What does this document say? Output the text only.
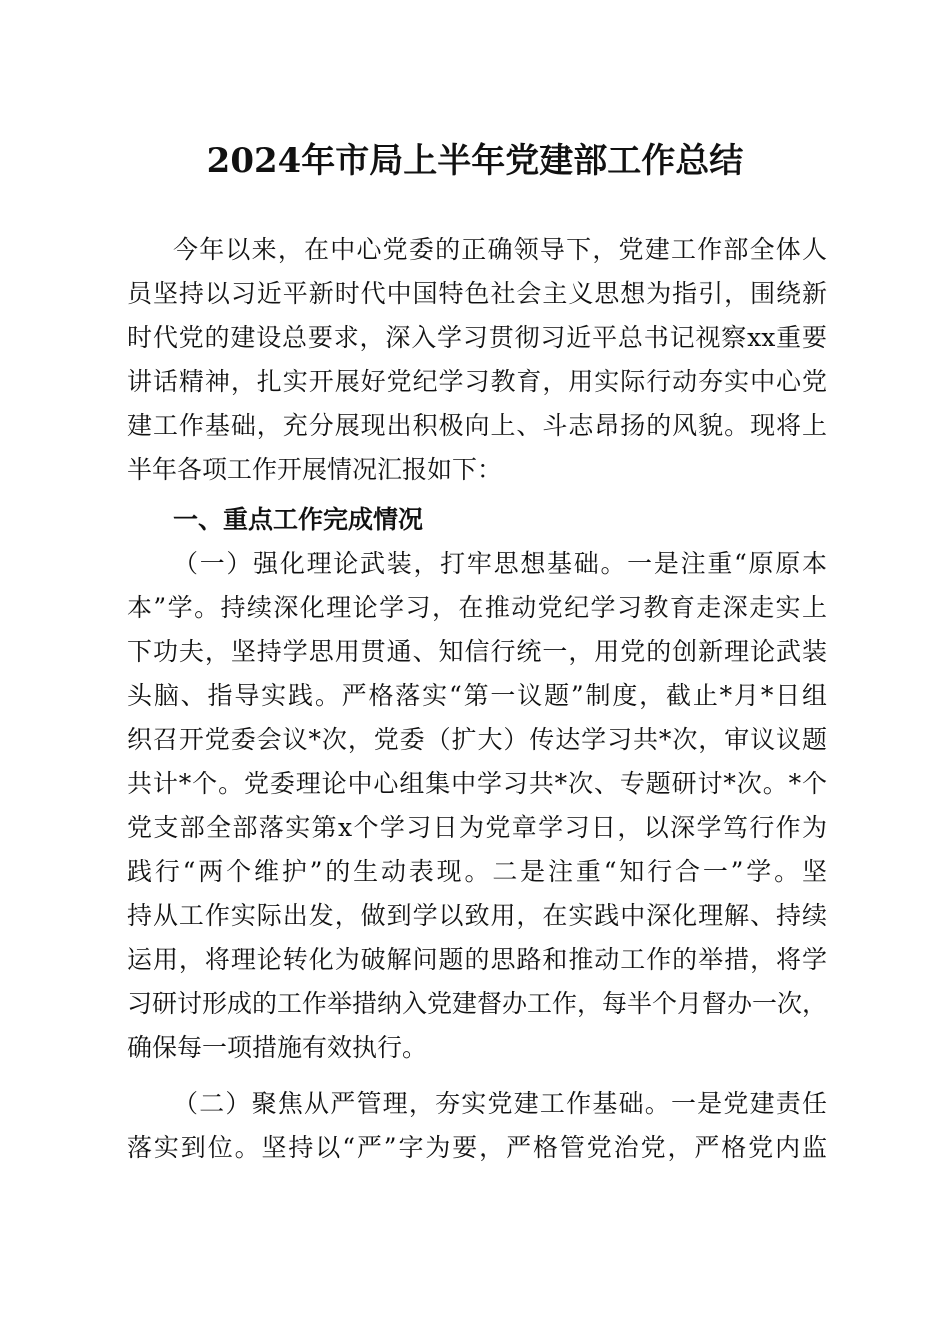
2024年市局上半年党建部工作总结
今年以来，在中心党委的正确领导下，党建工作部全体人
员坚持以习近平新时代中国特色社会主义思想为指引，围绕新
时代党的建设总要求，深入学习贯彻习近平总书记视察xx重要
讲话精神，扎实开展好党纪学习教育，用实际行动夯实中心党
建工作基础，充分展现出积极向上、斗志昂扬的风貌。现将上
半年各项工作开展情况汇报如下：
一、重点工作完成情况
（一）强化理论武装，打牢思想基础。一是注重“原原本
本”学。持续深化理论学习，在推动党纪学习教育走深走实上
下功夫，坚持学思用贯通、知信行统一，用党的创新理论武装
头脑、指导实践。严格落实“第一议题”制度，截止*月*日组
织召开党委会议*次，党委（扩大）传达学习共*次，审议议题
共计*个。党委理论中心组集中学习共*次、专题研讨*次。*个
党支部全部落实第x个学习日为党章学习日，以深学笃行作为
践行“两个维护”的生动表现。二是注重“知行合一”学。坚
持从工作实际出发，做到学以致用，在实践中深化理解、持续
运用，将理论转化为破解问题的思路和推动工作的举措，将学
习研讨形成的工作举措纳入党建督办工作，每半个月督办一次，
确保每一项措施有效执行。
（二）聚焦从严管理，夯实党建工作基础。一是党建责任
落实到位。坚持以“严”字为要，严格管党治党，严格党内监
